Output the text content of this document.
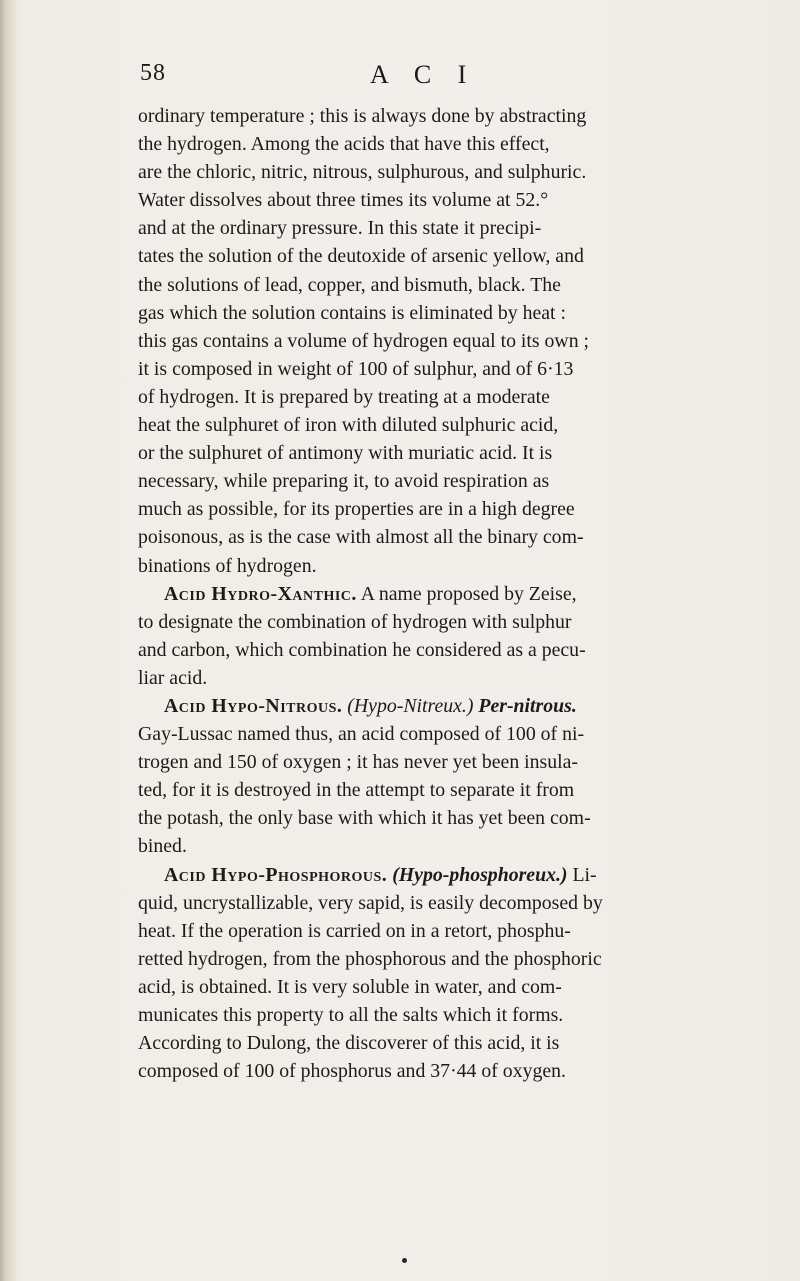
58	A C I
ordinary temperature ; this is always done by abstracting
the hydrogen. Among the acids that have this effect,
are the chloric, nitric, nitrous, sulphurous, and sulphuric.
Water dissolves about three times its volume at 52.°
and at the ordinary pressure. In this state it precipi-
tates the solution of the deutoxide of arsenic yellow, and
the solutions of lead, copper, and bismuth, black. The
gas which the solution contains is eliminated by heat :
this gas contains a volume of hydrogen equal to its own ;
it is composed in weight of 100 of sulphur, and of 6·13
of hydrogen. It is prepared by treating at a moderate
heat the sulphuret of iron with diluted sulphuric acid,
or the sulphuret of antimony with muriatic acid. It is
necessary, while preparing it, to avoid respiration as
much as possible, for its properties are in a high degree
poisonous, as is the case with almost all the binary com-
binations of hydrogen.
Acid Hydro-Xanthic. A name proposed by Zeise,
to designate the combination of hydrogen with sulphur
and carbon, which combination he considered as a pecu-
liar acid.
Acid Hypo-Nitrous. (Hypo-Nitreux.) Per-nitrous.
Gay-Lussac named thus, an acid composed of 100 of ni-
trogen and 150 of oxygen ; it has never yet been insula-
ted, for it is destroyed in the attempt to separate it from
the potash, the only base with which it has yet been com-
bined.
Acid Hypo-Phosphorous. (Hypo-phosphoreux.) Li-
quid, uncrystallizable, very sapid, is easily decomposed by
heat. If the operation is carried on in a retort, phosphu-
retted hydrogen, from the phosphorous and the phosphoric
acid, is obtained. It is very soluble in water, and com-
municates this property to all the salts which it forms.
According to Dulong, the discoverer of this acid, it is
composed of 100 of phosphorus and 37·44 of oxygen.
